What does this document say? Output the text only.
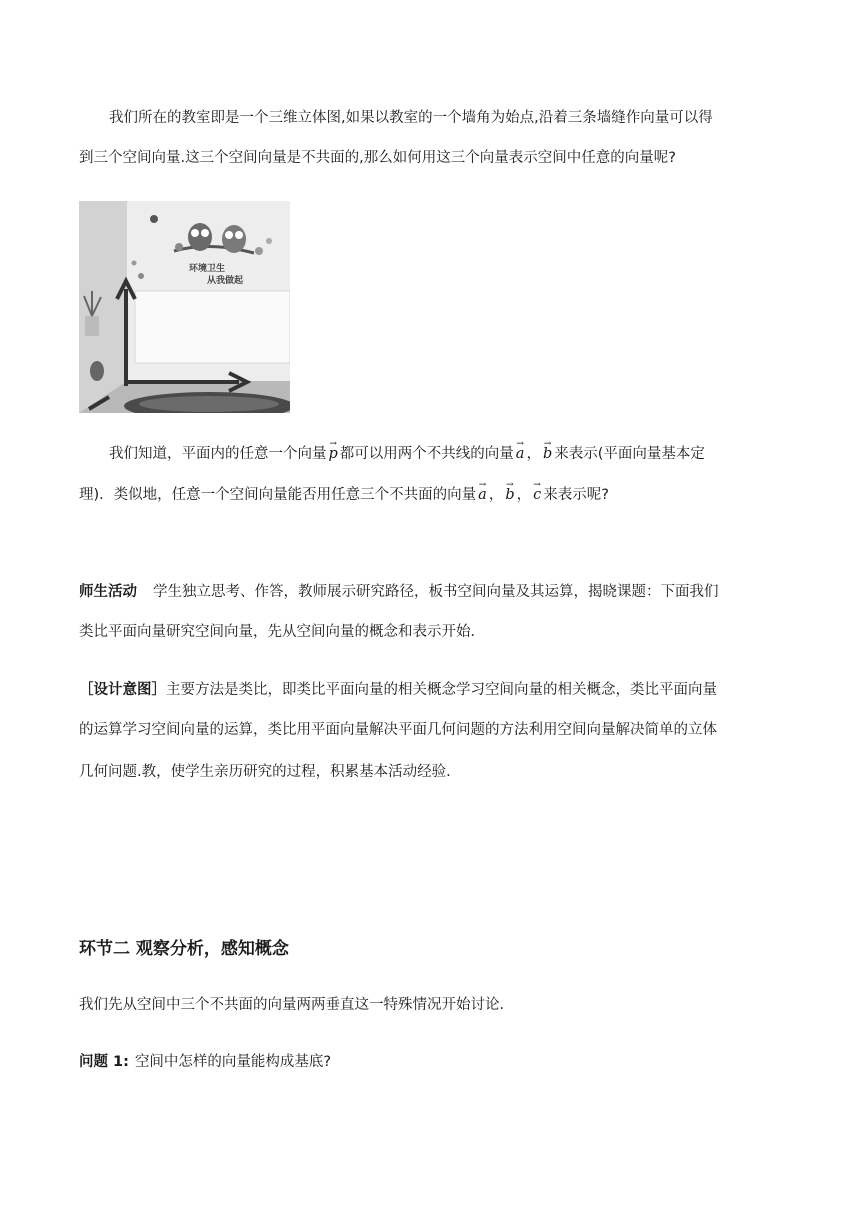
我们所在的教室即是一个三维立体图,如果以教室的一个墙角为始点,沿着三条墙缝作向量可以得
到三个空间向量.这三个空间向量是不共面的,那么如何用这三个向量表示空间中任意的向量呢?
环境卫生
从我做起
我们知道，平面内的任意一个向量 → p 都可以用两个不共线的向量 → a ， → b 来表示(平面向量基本定
理)．类似地，任意一个空间向量能否用任意三个不共面的向量 → a ， → b ， → c 来表示呢?
师生活动 学生独立思考、作答，教师展示研究路径，板书空间向量及其运算，揭晓课题：下面我们
类比平面向量研究空间向量，先从空间向量的概念和表示开始．
［设计意图］主要方法是类比，即类比平面向量的相关概念学习空间向量的相关概念，类比平面向量
的运算学习空间向量的运算，类比用平面向量解决平面几何问题的方法利用空间向量解决简单的立体
几何问题.教，使学生亲历研究的过程，积累基本活动经验.
环节二 观察分析，感知概念
我们先从空间中三个不共面的向量两两垂直这一特殊情况开始讨论．
问题 1: 空间中怎样的向量能构成基底?
